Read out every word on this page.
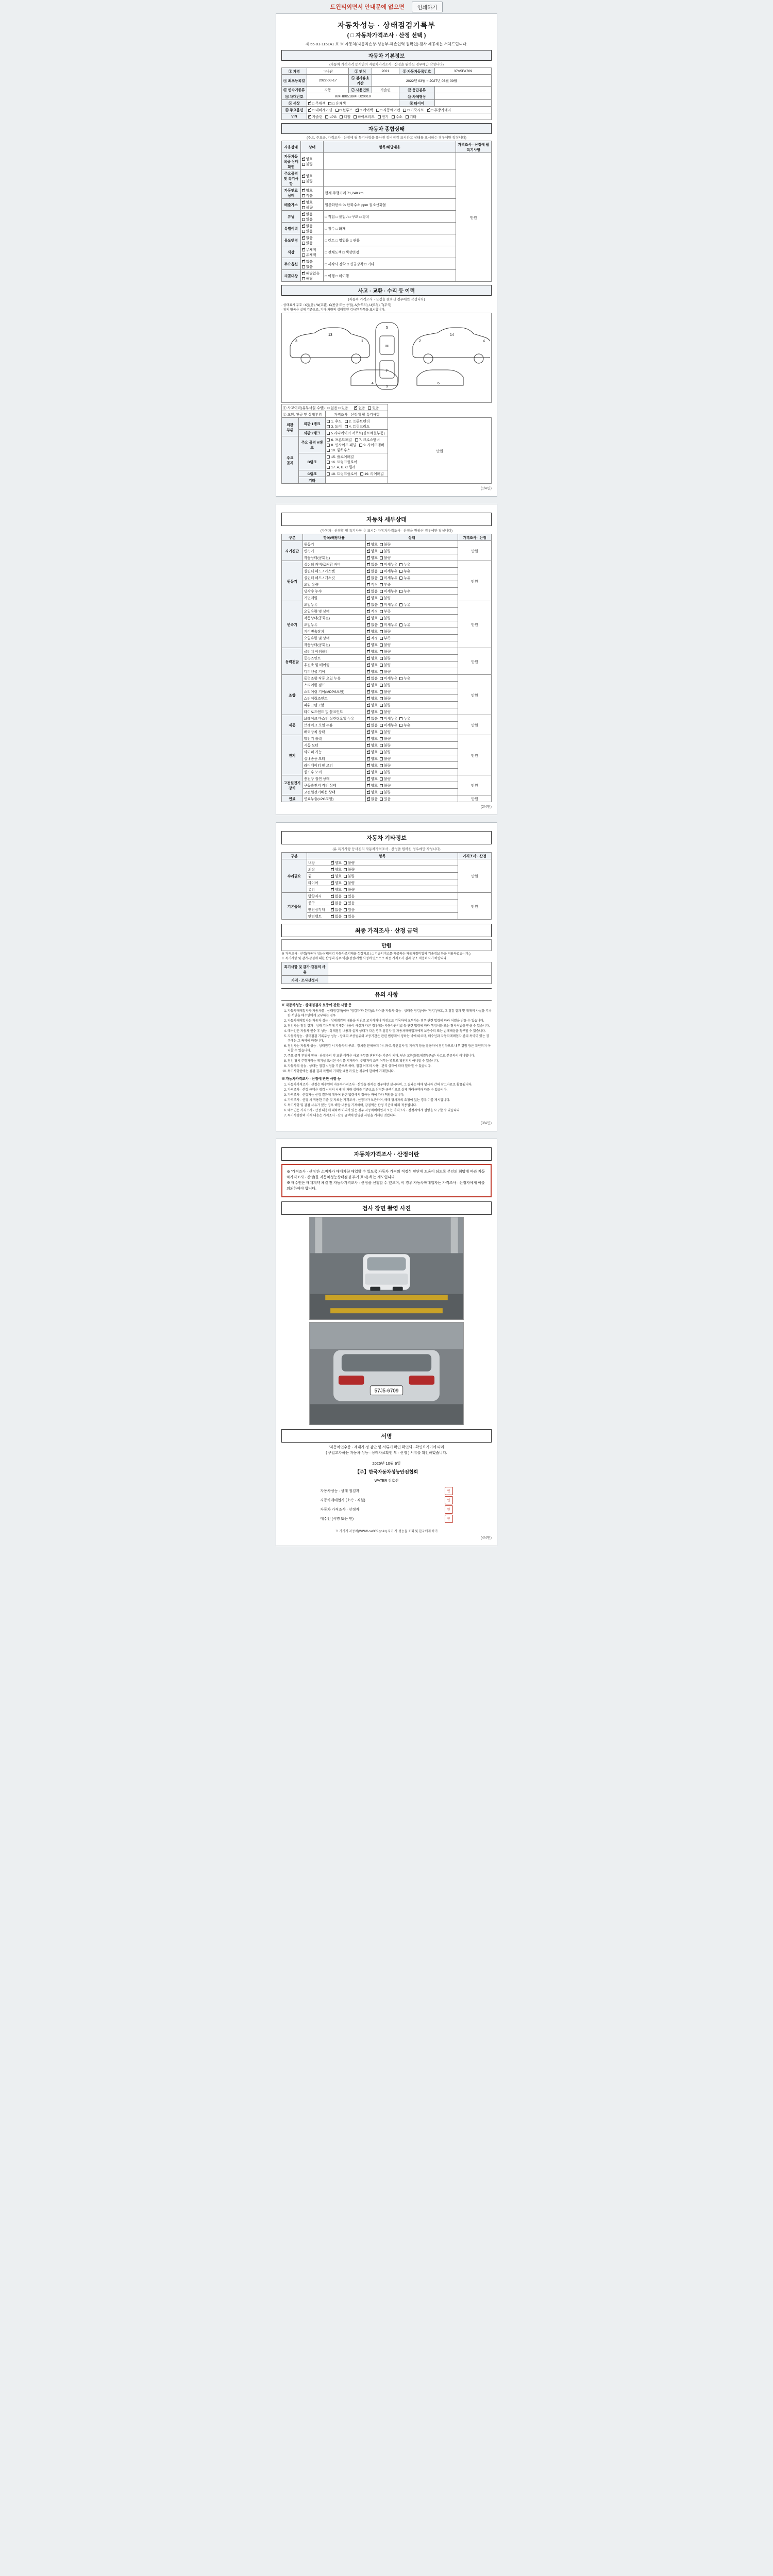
트윈티외면서 안내문에 없으면	인쇄하기
자동차성능 · 상태점검기록부
( □ 자동차가격조사 · 산정 선택 )
제 55-01-115141 호 ※ 자동차(자동차손상·성능부·해손인력 원확인) 검사 제공제는 서체드립니다.
자동차 기본정보
(자동차 가격가격 등시안의 자동차가격조사 · 산정을 원하신 경우에만 작성니다)
① 차명	ㄱ니싼	② 연식	2021	③ 자동차등록번호	37V5FA709
④ 최초등록일	2022-03-17	⑤ 검사유효기간	2022년 03월 ~ 2027년 03월 09월		
⑥ 변속기종류	자동	⑦ 사용연료	가솔린	⑫ 등급분류	
⑧ 차대번호	KMHB851BMFD20010			⑬ 차체형상	
⑭ 색상	✔□ 무채색 □ 유채색			⑯ 타이어	
⑮ 주요옵션	✔□ 내비게이션 □ 선루프 ✔ □ 에어백 □ 자동에어컨 □ 가죽시트 ✔ □ 후방카메라
VIN	✔가솔린 LPG 디젤 하이브리드 전기 수소 기타
자동차 종합상태
(주요, 주요골, 가격조사 · 산정에 필 특기사항을 용사진 정비점검 표시하고 상태를 표시하는 경우에만 작성니다)
사용상태	상태	항목/해당내용	가격조사 · 산정에 필 특기사항
자동차등록증 상태확인	✔양호 불량		만원
주요골격 및 특기사항	✔양호 불량	
가동연료 상태	✔양호 적음	현재 주행거리 71,248 km	
배출가스	✔양호 불량	일산화탄소 % 탄화수소 ppm 질소산화물	
튜닝	✔없음 있음	□ 적법 □ 불법 / □ 구조 □ 장치	
특별이력	✔없음 있음	□ 침수 □ 화재	
용도변경	✔없음 있음	□ 렌트 □ 영업용 □ 관용	
색상	✔무채색 유채색	□ 전체도색 □ 색상변경	
주요옵션	✔없음 있음	□ 제작사 장착 □ 신규장착 □ 기타	
리콜대상	✔해당없음 해당	□ 이행 □ 미이행	
사고 · 교환 · 수리 등 이력
(자동차 가격조사 · 산정을 원하신 경우에만 작성니다)
· 상태표시 부호 : X(없음), W(교환), C(판금 또는 용접), A(녹부식), U(요철), T(부식)
· 위의 항목은 실제 기준으로, 기타 차량의 상태확인 검사된 항목을 표시합니다.
3
13
1
5
M
7
9
2
14
4
4	6
① 사고이력(유무사실 수량) : □ 없음 □ 있음 ✔ 없음 있음
② 교환, 판금 및 상태부위		가격조사 · 산정에 필 특기사항	
외판
부위	외판 1랭크	1. 후드 2. 프론트펜더 3. 도어 4. 트렁크리드	만원
	외판 2랭크	5.라디에이터 서포트(볼트체결부품)	
주요
골격	주요 골격 A랭크	6. 프론트패널 7. 크로스멤버 8. 인사이드 패널 9. 사이드멤버 10. 휠하우스	
	B랭크	15. 플로어패널 16. 트렁크플로어 17. A, B, C 필러	
	C랭크	18. 트렁크플로어 19. 리어패널	
	기타		
(1/4면)
자동차 세부상태
(자동차 · 산정확 필 특기사항 용 표시는 자동차가격조사 · 산정을 원하신 경우에만 작성니다)
구분	항목/해당내용	상태	가격조사 · 산정
자기진단	원동기	✔양호 불량	만원
	변속기	✔양호 불량
	작동상태(공회전)	✔양호 불량
원동기	실린더 커버/로커암 커버	✔없음 미세누유 누유	만원
	실린더 헤드 / 가스켓	✔없음 미세누유 누유
	실린더 헤드 / 개스킷	✔없음 미세누유 누유
	오일 유량	✔적정 부족
	냉각수 누수	✔없음 미세누수 누수
	커먼레일	✔양호 불량
변속기	오일누유	✔없음 미세누유 누유	만원
	오일유량 및 상태	✔적정 부족
	작동상태(공회전)	✔양호 불량
	오일누유	✔없음 미세누유 누유
	기어변속장치	✔양호 불량
	오일유량 및 상태	✔적정 부족
	작동상태(공회전)	✔양호 불량
동력전달	클러치 어셈블리	✔양호 불량	만원
	등속죠인트	✔양호 불량
	추진축 및 베어링	✔양호 불량
	디퍼렌셜 기어	✔양호 불량
조향	동력조향 작동 오일 누유	✔없음 미세누유 누유	만원
	스티어링 펌프	✔양호 불량
	스티어링 기어(MDPS포함)	✔양호 불량
	스티어링조인트	✔양호 불량
	파워크랭크암	✔양호 불량
	타이로드엔드 및 볼죠인트	✔양호 불량
제동	브레이크 마스터 실린더오일 누유	✔없음 미세누유 누유	만원
	브레이크 오일 누유	✔없음 미세누유 누유
	배력장치 상태	✔양호 불량
전기	발전기 출력	✔양호 불량	만원
	시동 모터	✔양호 불량
	와이퍼 기능	✔양호 불량
	실내송풍 모터	✔양호 불량
	라디에이터 팬 모터	✔양호 불량
	윈도우 모터	✔양호 불량
고전원전기장치	충전구 절연 상태	✔양호 불량	만원
	구동축전지 격리 상태	✔양호 불량
	고전원전기배선 상태	✔양호 불량
연료	연료누출(LPG포함)	✔없음 있음	만원
(2/4면)
자동차 기타정보
(유 특기사항 등사진의 자동차가격조사 · 산정을 원하신 경우에만 작성니다)
구분	항목	가격조사 · 산정
수리필요	내장 ✔ 양호 불량	만원
	외장 ✔ 양호 불량
	휠 ✔ 양호 불량
	타이어 ✔ 양호 불량
	유리 ✔ 양호 불량
기본품목	방향지시 ✔ 없음 있음	만원
	공구 ✔ 없음 있음
	안전삼각대 ✔ 없음 있음
	안전벨트 ✔ 없음 있음
최종 가격조사 · 산정 금액
만원
※ 가격조사 · 산정(자동차 성능상태점검 자동차조기배율 성장자료 / □ 기술서비스를 제공하는 자동차정비업의 기술정보 등을 적용하였습니다.)
※ 특기사항 및 감가·감점에 대한 산정의 경우 약관/정성/개별 사정이 있으므로 최종 가격조사 결과 참조 적용하시기 바랍니다.
특기사항 및 감가·감점의 사유	
가격 · 조사산정자	
유의 사항
※ 자동차성능 · 상태점검자 보증에 관한 사항 등
1. 자동차매매업자가 자동차를 · 상태점검자(이하 "점검자"라 한다)로 하여금 자동차 성능 · 상태를 점검(이하 "점검")하고, 그 점검 결과 및 매매의 사실을 기록한 서면을 매수인에게 교부하는 경우
2. 자동차매매업자는 자동차 성능 · 상태점검의 내용을 허위로 고지하거나 거짓으로 기록하여 교부하는 경우 관련 법령에 따라 처벌을 받을 수 있습니다.
3. 점검자는 점검 결과 · 상태 기록부에 기재한 내용이 사실과 다른 경우에는 자동차관리법 등 관련 법령에 따라 행정처분 또는 형사처벌을 받을 수 있습니다.
4. 매수인은 자동차 인수 후 성능 · 상태점검 내용과 실제 상태가 다른 경우 점검자 및 자동차매매업자에게 보증수리 또는 손해배상을 청구할 수 있습니다.
5. 자동차성능 · 상태점검 기록부상 성능 · 상태의 보증범위와 보증기간은 관련 법령에서 정하는 바에 따르며, 매수인과 자동차매매업자 간의 특약이 있는 경우에는 그 특약에 따릅니다.
6. 점검자는 자동차 성능 · 상태점검 시 자동차의 구조 · 장치를 분해하지 아니하고 육안검사 및 계측기 등을 활용하여 점검하므로 내부 결함 등은 확인되지 아니할 수 있습니다.
7. 주요 골격 부위의 판금 · 용접수리 및 교환 이력은 사고 유무를 판단하는 기준이 되며, 단순 교환(볼트체결부품)은 사고로 분류하지 아니합니다.
8. 점검 당시 주행거리는 계기상 표시된 수치를 기재하며, 주행거리 조작 여부는 별도로 확인되지 아니할 수 있습니다.
9. 자동차의 성능 · 상태는 점검 시점을 기준으로 하며, 점검 이후의 사용 · 관리 상태에 따라 달라질 수 있습니다.
10. 특기사항란에는 점검 결과 특별히 기재할 내용이 있는 경우에 한하여 기재합니다.
※ 자동차가격조사 · 산정에 관한 사항 등
1. 자동차가격조사 · 산정은 매수인이 자동차가격조사 · 산정을 원하는 경우에만 실시하며, 그 결과는 매매 당사자 간의 참고자료로 활용됩니다.
2. 가격조사 · 산정 금액은 점검 시점의 시세 및 차량 상태를 기준으로 산정한 금액이므로 실제 거래금액과 다를 수 있습니다.
3. 가격조사 · 산정자는 산정 결과에 대하여 관련 법령에서 정하는 바에 따라 책임을 집니다.
4. 가격조사 · 산정 시 적용한 기준 및 자료는 가격조사 · 산정자가 보관하며, 매매 당사자의 요청이 있는 경우 이를 제시합니다.
5. 특기사항 및 감점 사유가 있는 경우 해당 내용을 기재하며, 감점액은 산정 기준에 따라 적용됩니다.
6. 매수인은 가격조사 · 산정 내용에 대하여 이의가 있는 경우 자동차매매업자 또는 가격조사 · 산정자에게 설명을 요구할 수 있습니다.
7. 특기사항란의 기재 내용은 가격조사 · 산정 금액에 반영된 사항을 기재한 것입니다.
(3/4면)
자동차가격조사 · 산정이란
※ '가격조사 · 산정'은 소비자가 매매차량 매입할 수 있도록 자동차 가격의 적정성 판단에 도움이 되도록 본인의 희망에 따라 자동차가격조사 · 산정(을 자동차성능상태점검 부기 표시) 하는 제도입니다.
※ 매수인은 매매계약 체결 전 자동차가격조사 · 산정을 신청할 수 있으며, 이 경우 자동차매매업자는 가격조사 · 산정자에게 이를 의뢰하여야 합니다.
검사 장면 촬영 사진
57J5·6709
서명
"자동차인수증 · 제내가 정 감단 및 서류기 확인 확인되 · 확인요기기에 따라
( 구입고자하는 자동차 성능 · 상태자료확인 부 · 산정 ) 서류를 확인하였습니다.
2025년 10월 6일
【주】한국자동차성능안전협회
WATER 김호선
자동차성능 · 상태 점검자	인
자동차매매업자 (소속 · 직원)	인
자동차 가격조사 · 산정자	인
매수인 (서명 또는 인)	인
※ 가기기 자동차(WWW.car365.go.kr) 자기 사 성능을 조회 및 한국에게 하기
(4/4면)
